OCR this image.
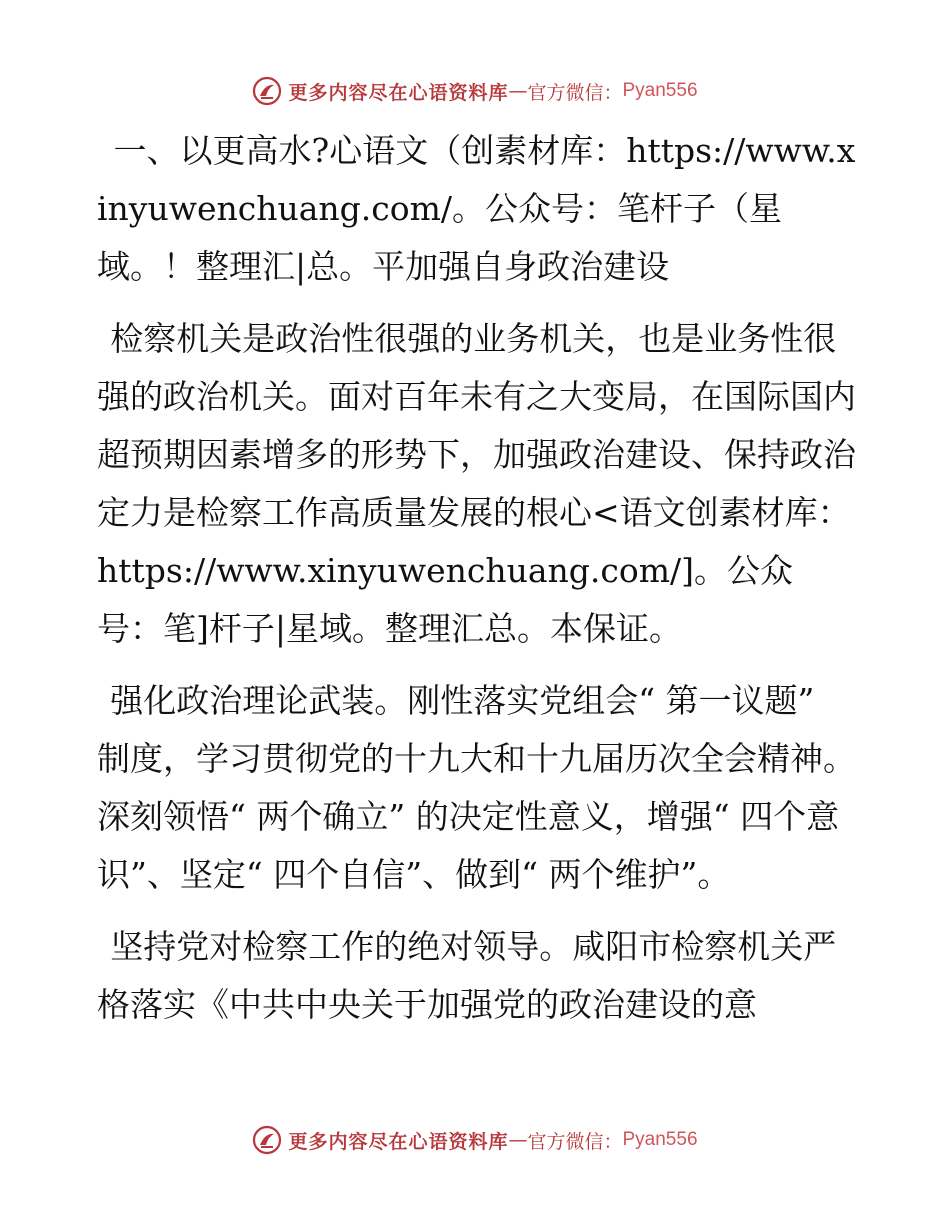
更多内容尽在心语资料库 — 官方微信： Pyan556

一、以更高水?心语文（创素材库：https://www.xinyuwenchuang.com/。公众号：笔杆子（星域。！整理汇|总。平加强自身政治建设

检察机关是政治性很强的业务机关，也是业务性很强的政治机关。面对百年未有之大变局，在国际国内超预期因素增多的形势下，加强政治建设、保持政治定力是检察工作高质量发展的根心<语文创素材库：https://www.xinyuwenchuang.com/]。公众号：笔]杆子|星域。整理汇总。本保证。

强化政治理论武装。刚性落实党组会“ 第一议题” 制度，学习贯彻党的十九大和十九届历次全会精神。深刻领悟“ 两个确立” 的决定性意义，增强“ 四个意识”、坚定“ 四个自信”、做到“ 两个维护”。

坚持党对检察工作的绝对领导。咸阳市检察机关严格落实《中共中央关于加强党的政治建设的意

更多内容尽在心语资料库 — 官方微信： Pyan556
